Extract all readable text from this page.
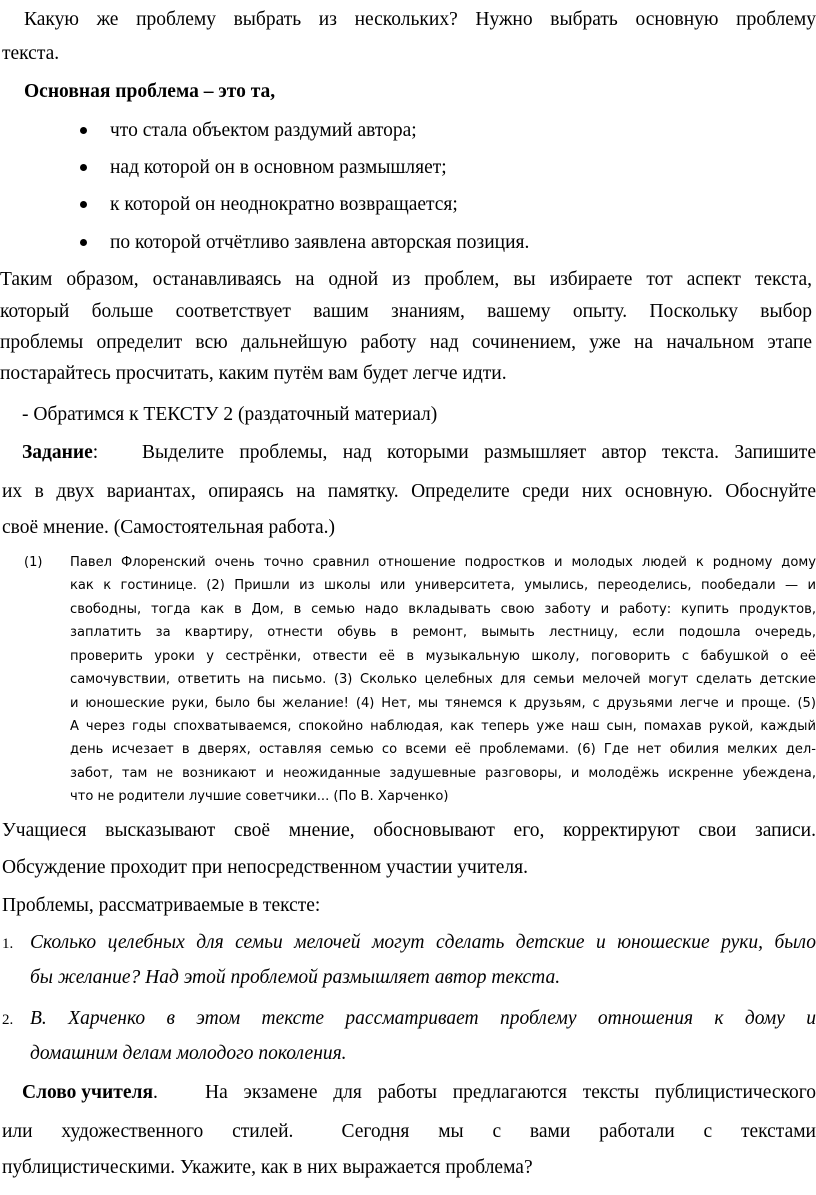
Какую же проблему выбрать из нескольких? Нужно выбрать основную проблему
текста.
Основная проблема – это та,
что стала объектом раздумий автора;
над которой он в основном размышляет;
к которой он неоднократно возвращается;
по которой отчётливо заявлена авторская позиция.
Таким образом, останавливаясь на одной из проблем, вы избираете тот аспект текста,
который больше соответствует вашим знаниям, вашему опыту. Поскольку выбор
проблемы определит всю дальнейшую работу над сочинением, уже на начальном этапе
постарайтесь просчитать, каким путём вам будет легче идти.
- Обратимся к ТЕКСТУ 2 (раздаточный материал)
Задание: Выделите проблемы, над которыми размышляет автор текста. Запишите
их в двух вариантах, опираясь на памятку. Определите среди них основную. Обоснуйте
своё мнение. (Самостоятельная работа.)
(1) Павел Флоренский очень точно сравнил отношение подростков и молодых людей к родному дому
как к гостинице. (2) Пришли из школы или университета, умылись, переоделись, пообедали — и
свободны, тогда как в Дом, в семью надо вкладывать свою заботу и работу: купить продуктов,
заплатить за квартиру, отнести обувь в ремонт, вымыть лестницу, если подошла очередь,
проверить уроки у сестрёнки, отвести её в музыкальную школу, поговорить с бабушкой о её
самочувствии, ответить на письмо. (3) Сколько целебных для семьи мелочей могут сделать детские
и юношеские руки, было бы желание! (4) Нет, мы тянемся к друзьям, с друзьями легче и проще. (5)
А через годы спохватываемся, спокойно наблюдая, как теперь уже наш сын, помахав рукой, каждый
день исчезает в дверях, оставляя семью со всеми её проблемами. (6) Где нет обилия мелких дел-
забот, там не возникают и неожиданные задушевные разговоры, и молодёжь искренне убеждена,
что не родители лучшие советчики... (По В. Харченко)
Учащиеся высказывают своё мнение, обосновывают его, корректируют свои записи.
Обсуждение проходит при непосредственном участии учителя.
Проблемы, рассматриваемые в тексте:
1. Сколько целебных для семьи мелочей могут сделать детские и юношеские руки, было
бы желание? Над этой проблемой размышляет автор текста.
2. В. Харченко в этом тексте рассматривает проблему отношения к дому и
домашним делам молодого поколения.
Слово учителя. На экзамене для работы предлагаются тексты публицистического
или   художественного   стилей.     Сегодня   мы   с   вами   работали   с   текстами
публицистическими. Укажите, как в них выражается проблема?
